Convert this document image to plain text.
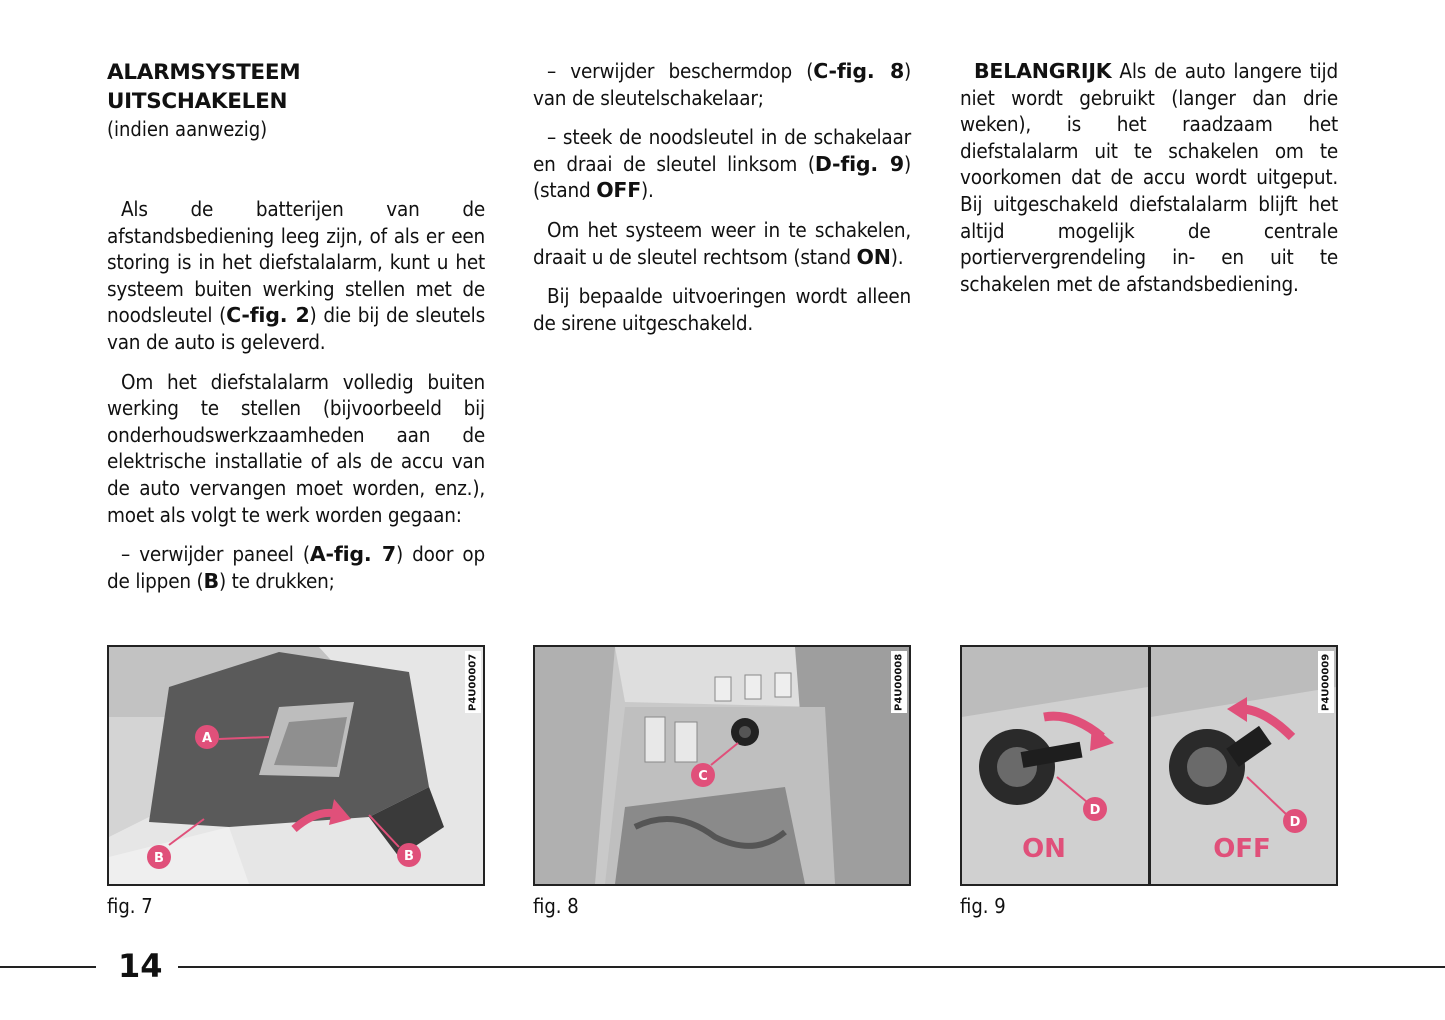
ALARMSYSTEEM
UITSCHAKELEN
(indien aanwezig)

Als de batterijen van de afstandsbediening leeg zijn, of als er een storing is in het diefstalalarm, kunt u het systeem buiten werking stellen met de noodsleutel (C-fig. 2) die bij de sleutels van de auto is geleverd.

Om het diefstalalarm volledig buiten werking te stellen (bijvoorbeeld bij onderhoudswerkzaamheden aan de elektrische installatie of als de accu van de auto vervangen moet worden, enz.), moet als volgt te werk worden gegaan:

– verwijder paneel (A-fig. 7) door op de lippen (B) te drukken;

– verwijder beschermdop (C-fig. 8) van de sleutelschakelaar;

– steek de noodsleutel in de schakelaar en draai de sleutel linksom (D-fig. 9) (stand OFF).

Om het systeem weer in te schakelen, draait u de sleutel rechtsom (stand ON).

Bij bepaalde uitvoeringen wordt alleen de sirene uitgeschakeld.

BELANGRIJK Als de auto langere tijd niet wordt gebruikt (langer dan drie weken), is het raadzaam het diefstalalarm uit te schakelen om te voorkomen dat de accu wordt uitgeput. Bij uitgeschakeld diefstalalarm blijft het altijd mogelijk de centrale portiervergrendeling in- en uit te schakelen met de afstandsbediening.

A
B	B
P4U00007
fig. 7
C
P4U00008
fig. 8
D
D
ON	OFF
P4U00009
fig. 9
14
